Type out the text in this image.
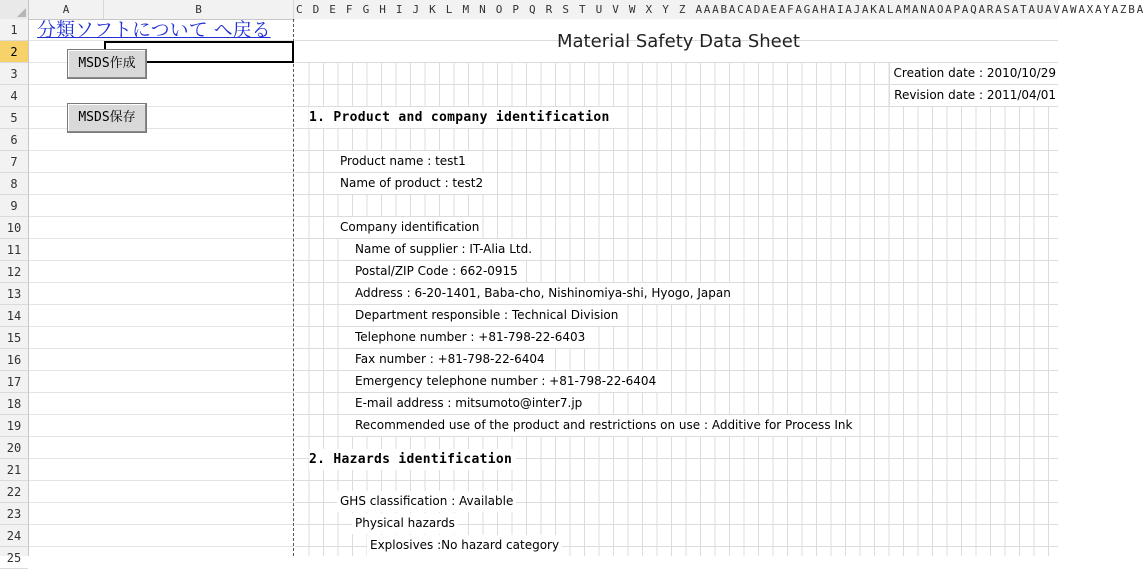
A	B	C D E F G H I J K L M N O P Q R S T U V W X Y Z AAABACADAEAFAGAHAIAJAKALAMANAOAPAQARASATAUAVAWAXAYAZBA
1
2
3
4
5
6
7
8
9
10
11
12
13
14
15
16
17
18
19
20
21
22
23
24
25
分類ソフトについて へ戻る
MSDS作成
MSDS保存
Material Safety Data Sheet
Creation date : 2010/10/29
Revision date : 2011/04/01
1. Product and company identification
Product name : test1
Name of product : test2
Company identification
Name of supplier : IT-Alia Ltd.
Postal/ZIP Code : 662-0915
Address : 6-20-1401, Baba-cho, Nishinomiya-shi, Hyogo, Japan
Department responsible : Technical Division
Telephone number : +81-798-22-6403
Fax number : +81-798-22-6404
Emergency telephone number : +81-798-22-6404
E-mail address : mitsumoto@inter7.jp
Recommended use of the product and restrictions on use : Additive for Process Ink
2. Hazards identification
GHS classification : Available
Physical hazards
Explosives :No hazard category
